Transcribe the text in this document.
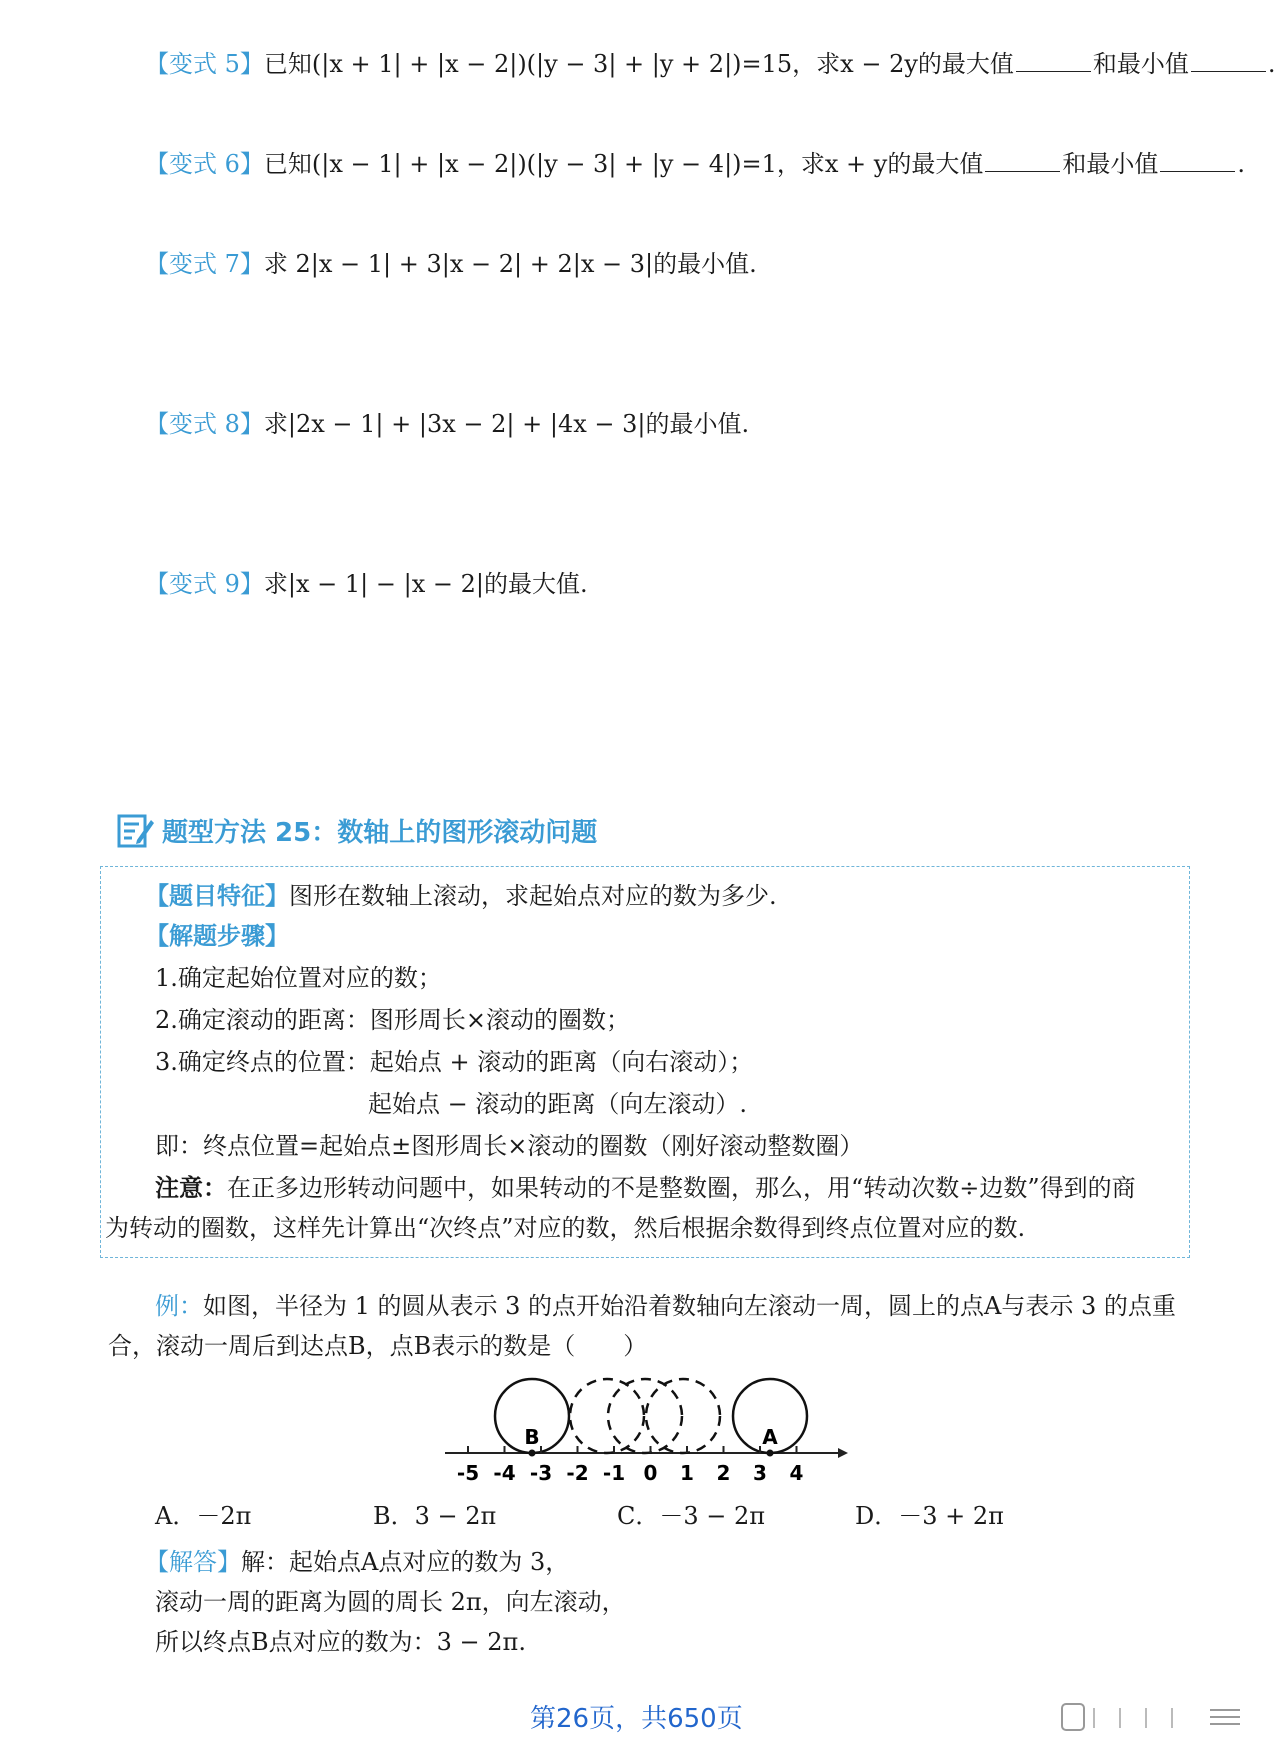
【变式 5】已知(|x + 1| + |x − 2|)(|y − 3| + |y + 2|)=15，求x − 2y的最大值	和最小值	.
【变式 6】已知(|x − 1| + |x − 2|)(|y − 3| + |y − 4|)=1，求x + y的最大值	和最小值	.
【变式 7】求 2|x − 1| + 3|x − 2| + 2|x − 3|的最小值.
【变式 8】求|2x − 1| + |3x − 2| + |4x − 3|的最小值.
【变式 9】求|x − 1| − |x − 2|的最大值.
题型方法 25：数轴上的图形滚动问题
【题目特征】图形在数轴上滚动，求起始点对应的数为多少.
【解题步骤】
1.确定起始位置对应的数；
2.确定滚动的距离：图形周长×滚动的圈数；
3.确定终点的位置：起始点 + 滚动的距离（向右滚动）；
起始点 − 滚动的距离（向左滚动）.
即：终点位置=起始点±图形周长×滚动的圈数（刚好滚动整数圈）
注意：在正多边形转动问题中，如果转动的不是整数圈，那么，用“转动次数÷边数”得到的商
为转动的圈数，这样先计算出“次终点”对应的数，然后根据余数得到终点位置对应的数.
例：如图，半径为 1 的圆从表示 3 的点开始沿着数轴向左滚动一周，圆上的点A与表示 3 的点重
合，滚动一周后到达点B，点B表示的数是（　　）
-5 -4 -3 -2 -1 0 1 2 3 4
B	A
A．－2π	B．3 − 2π	C．－3 − 2π	D．－3 + 2π
【解答】解：起始点A点对应的数为 3，
滚动一周的距离为圆的周长 2π，向左滚动，
所以终点B点对应的数为：3 − 2π.
第26页，共650页
